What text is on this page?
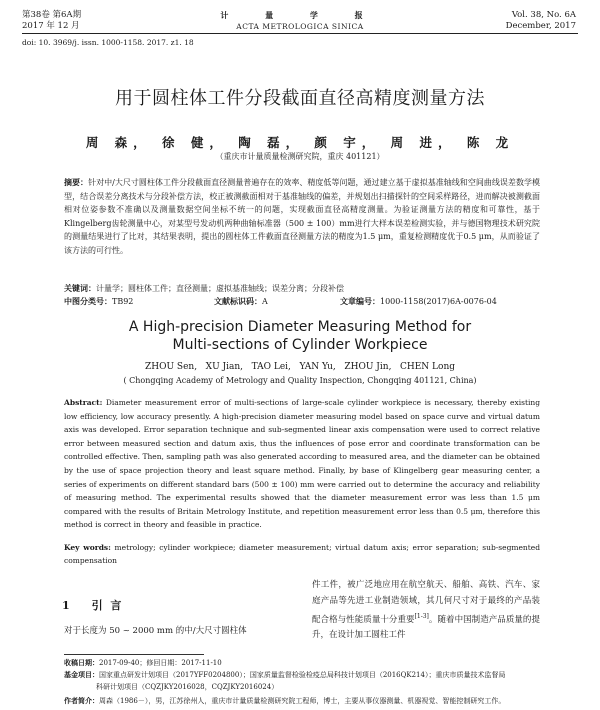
第38卷 第6A期
2017 年 12 月
计 量 学 报
ACTA METROLOGICA SINICA
Vol. 38, No. 6A
December, 2017
doi: 10. 3969/j. issn. 1000-1158. 2017. z1. 18
用于圆柱体工件分段截面直径高精度测量方法
周 森， 徐 健， 陶 磊， 颜 宇， 周 进， 陈 龙
（重庆市计量质量检测研究院，重庆 401121）
摘要：针对中/大尺寸圆柱体工件分段截面直径测量普遍存在的效率、精度低等问题，通过建立基于虚拟基准轴线和空间曲线误差数学模型，结合误差分离技术与分段补偿方法，校正被测截面相对于基准轴线的偏差，并规划出扫描探针的空间采样路径，进而解决被测截面相对位姿参数不准确以及测量数据空间坐标不统一的问题，实现截面直径高精度测量。为验证测量方法的精度和可靠性，基于Klingelberg齿轮测量中心，对某型号发动机两种曲轴标准器（500 ± 100）mm进行大样本误差检测实验，并与德国物理技术研究院的测量结果进行了比对，其结果表明，提出的圆柱体工件截面直径测量方法的精度为1.5 μm，重复检测精度优于0.5 μm，从而验证了该方法的可行性。
关键词：计量学；圆柱体工件；直径测量；虚拟基准轴线；误差分离；分段补偿
中图分类号：TB92	文献标识码：A	文章编号：1000-1158(2017)6A-0076-04
A High-precision Diameter Measuring Method for
Multi-sections of Cylinder Workpiece
ZHOU Sen,   XU Jian,   TAO Lei,   YAN Yu,   ZHOU Jin,   CHEN Long
( Chongqing Academy of Metrology and Quality Inspection, Chongqing 401121, China)
Abstract: Diameter measurement error of multi-sections of large-scale cylinder workpiece is necessary, thereby existing low efficiency, low accuracy presently. A high-precision diameter measuring model based on space curve and virtual datum axis was developed. Error separation technique and sub-segmented linear axis compensation were used to correct relative error between measured section and datum axis, thus the influences of pose error and coordinate transformation can be controlled effective. Then, sampling path was also generated according to measured area, and the diameter can be obtained by the use of space projection theory and least square method. Finally, by base of Klingelberg gear measuring center, a series of experiments on different standard bars (500 ± 100) mm were carried out to determine the accuracy and reliability of measuring method. The experimental results showed that the diameter measurement error was less than 1.5 μm compared with the results of Britain Metrology Institute, and repetition measurement error less than 0.5 μm, therefore this method is correct in theory and feasible in practice.
Key words: metrology; cylinder workpiece; diameter measurement; virtual datum axis; error separation; sub-segmented compensation
1 引  言
对于长度为 50 ~ 2000 mm 的中/大尺寸圆柱体
件工件，被广泛地应用在航空航天、船舶、高铁、汽车、家庭产品等先进工业制造领域，其几何尺寸对于最终的产品装配合格与性能质量十分重要[1-3]。随着中国制造产品质量的提升，在设计加工圆柱工件
收稿日期：2017-09-40；修回日期：2017-11-10
基金项目：国家重点研发计划项目（2017YFF0204800）；国家质量监督检验检疫总局科技计划项目（2016QK214）；重庆市质量技术监督局
科研计划项目（CQZJKY2016028，CQZJKY2016024）
作者简介：周森（1986－），男，江苏徐州人，重庆市计量质量检测研究院工程师，博士，主要从事仪器测量、机器视觉、智能控制研究工作。
